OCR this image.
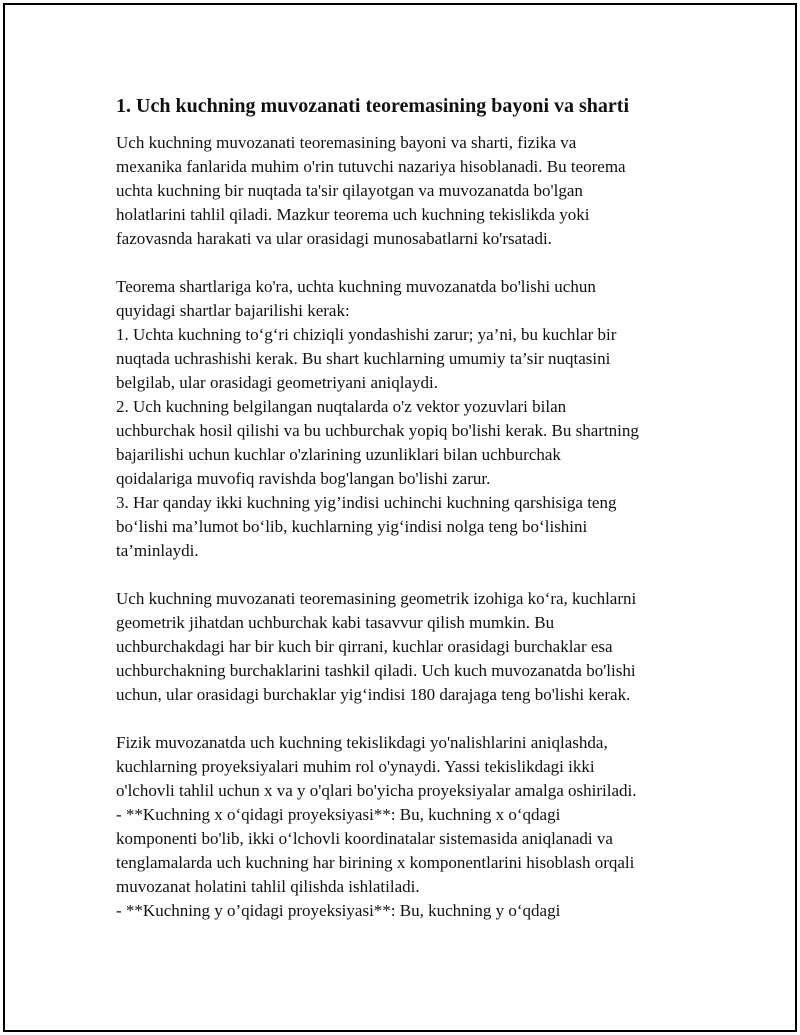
1. Uch kuchning muvozanati teoremasining bayoni va sharti
Uch kuchning muvozanati teoremasining bayoni va sharti, fizika va
mexanika fanlarida muhim o'rin tutuvchi nazariya hisoblanadi. Bu teorema
uchta kuchning bir nuqtada ta'sir qilayotgan va muvozanatda bo'lgan
holatlarini tahlil qiladi. Mazkur teorema uch kuchning tekislikda yoki
fazovasnda harakati va ular orasidagi munosabatlarni ko'rsatadi.
Teorema shartlariga ko'ra, uchta kuchning muvozanatda bo'lishi uchun
quyidagi shartlar bajarilishi kerak:
1. Uchta kuchning to‘g‘ri chiziqli yondashishi zarur; ya’ni, bu kuchlar bir
nuqtada uchrashishi kerak. Bu shart kuchlarning umumiy ta’sir nuqtasini
belgilab, ular orasidagi geometriyani aniqlaydi.
2. Uch kuchning belgilangan nuqtalarda o'z vektor yozuvlari bilan
uchburchak hosil qilishi va bu uchburchak yopiq bo'lishi kerak. Bu shartning
bajarilishi uchun kuchlar o'zlarining uzunliklari bilan uchburchak
qoidalariga muvofiq ravishda bog'langan bo'lishi zarur.
3. Har qanday ikki kuchning yig’indisi uchinchi kuchning qarshisiga teng
bo‘lishi ma’lumot bo‘lib, kuchlarning yig‘indisi nolga teng bo‘lishini
ta’minlaydi.
Uch kuchning muvozanati teoremasining geometrik izohiga ko‘ra, kuchlarni
geometrik jihatdan uchburchak kabi tasavvur qilish mumkin. Bu
uchburchakdagi har bir kuch bir qirrani, kuchlar orasidagi burchaklar esa
uchburchakning burchaklarini tashkil qiladi. Uch kuch muvozanatda bo'lishi
uchun, ular orasidagi burchaklar yig‘indisi 180 darajaga teng bo'lishi kerak.
Fizik muvozanatda uch kuchning tekislikdagi yo'nalishlarini aniqlashda,
kuchlarning proyeksiyalari muhim rol o'ynaydi. Yassi tekislikdagi ikki
o'lchovli tahlil uchun x va y o'qlari bo'yicha proyeksiyalar amalga oshiriladi.
- **Kuchning x o‘qidagi proyeksiyasi**: Bu, kuchning x o‘qdagi
komponenti bo'lib, ikki o‘lchovli koordinatalar sistemasida aniqlanadi va
tenglamalarda uch kuchning har birining x komponentlarini hisoblash orqali
muvozanat holatini tahlil qilishda ishlatiladi.
- **Kuchning y o’qidagi proyeksiyasi**: Bu, kuchning y o‘qdagi
